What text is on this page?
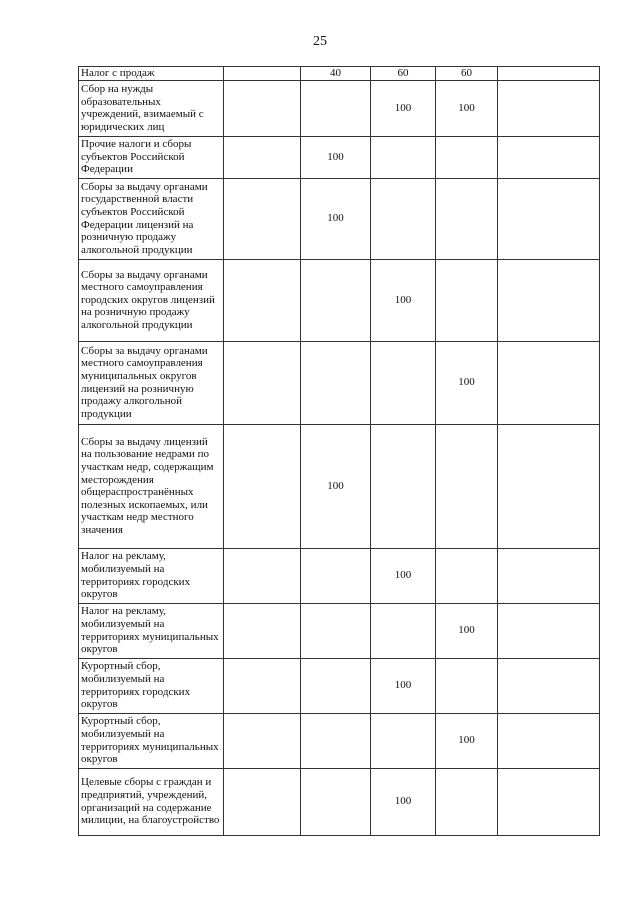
25
Налог с продаж		40	60	60	
Сбор на нужды образовательных учреждений, взимаемый с юридических лиц			100	100	
Прочие налоги и сборы субъектов Российской Федерации		100			
Сборы за выдачу органами государственной власти субъектов Российской Федерации лицензий на розничную продажу алкогольной продукции		100			
Сборы за выдачу органами местного самоуправления городских округов лицензий на розничную продажу алкогольной продукции			100		
Сборы за выдачу органами местного самоуправления муниципальных округов лицензий на розничную продажу алкогольной продукции				100	
Сборы за выдачу лицензий на пользование недрами по участкам недр, содержащим месторождения общераспространённых полезных ископаемых, или участкам недр местного значения		100			
Налог на рекламу, мобилизуемый на территориях городских округов			100		
Налог на рекламу, мобилизуемый на территориях муниципальных округов				100	
Курортный сбор, мобилизуемый на территориях городских округов			100		
Курортный сбор, мобилизуемый на территориях муниципальных округов				100	
Целевые сборы с граждан и предприятий, учреждений, организаций на содержание милиции, на благоустройство			100		
